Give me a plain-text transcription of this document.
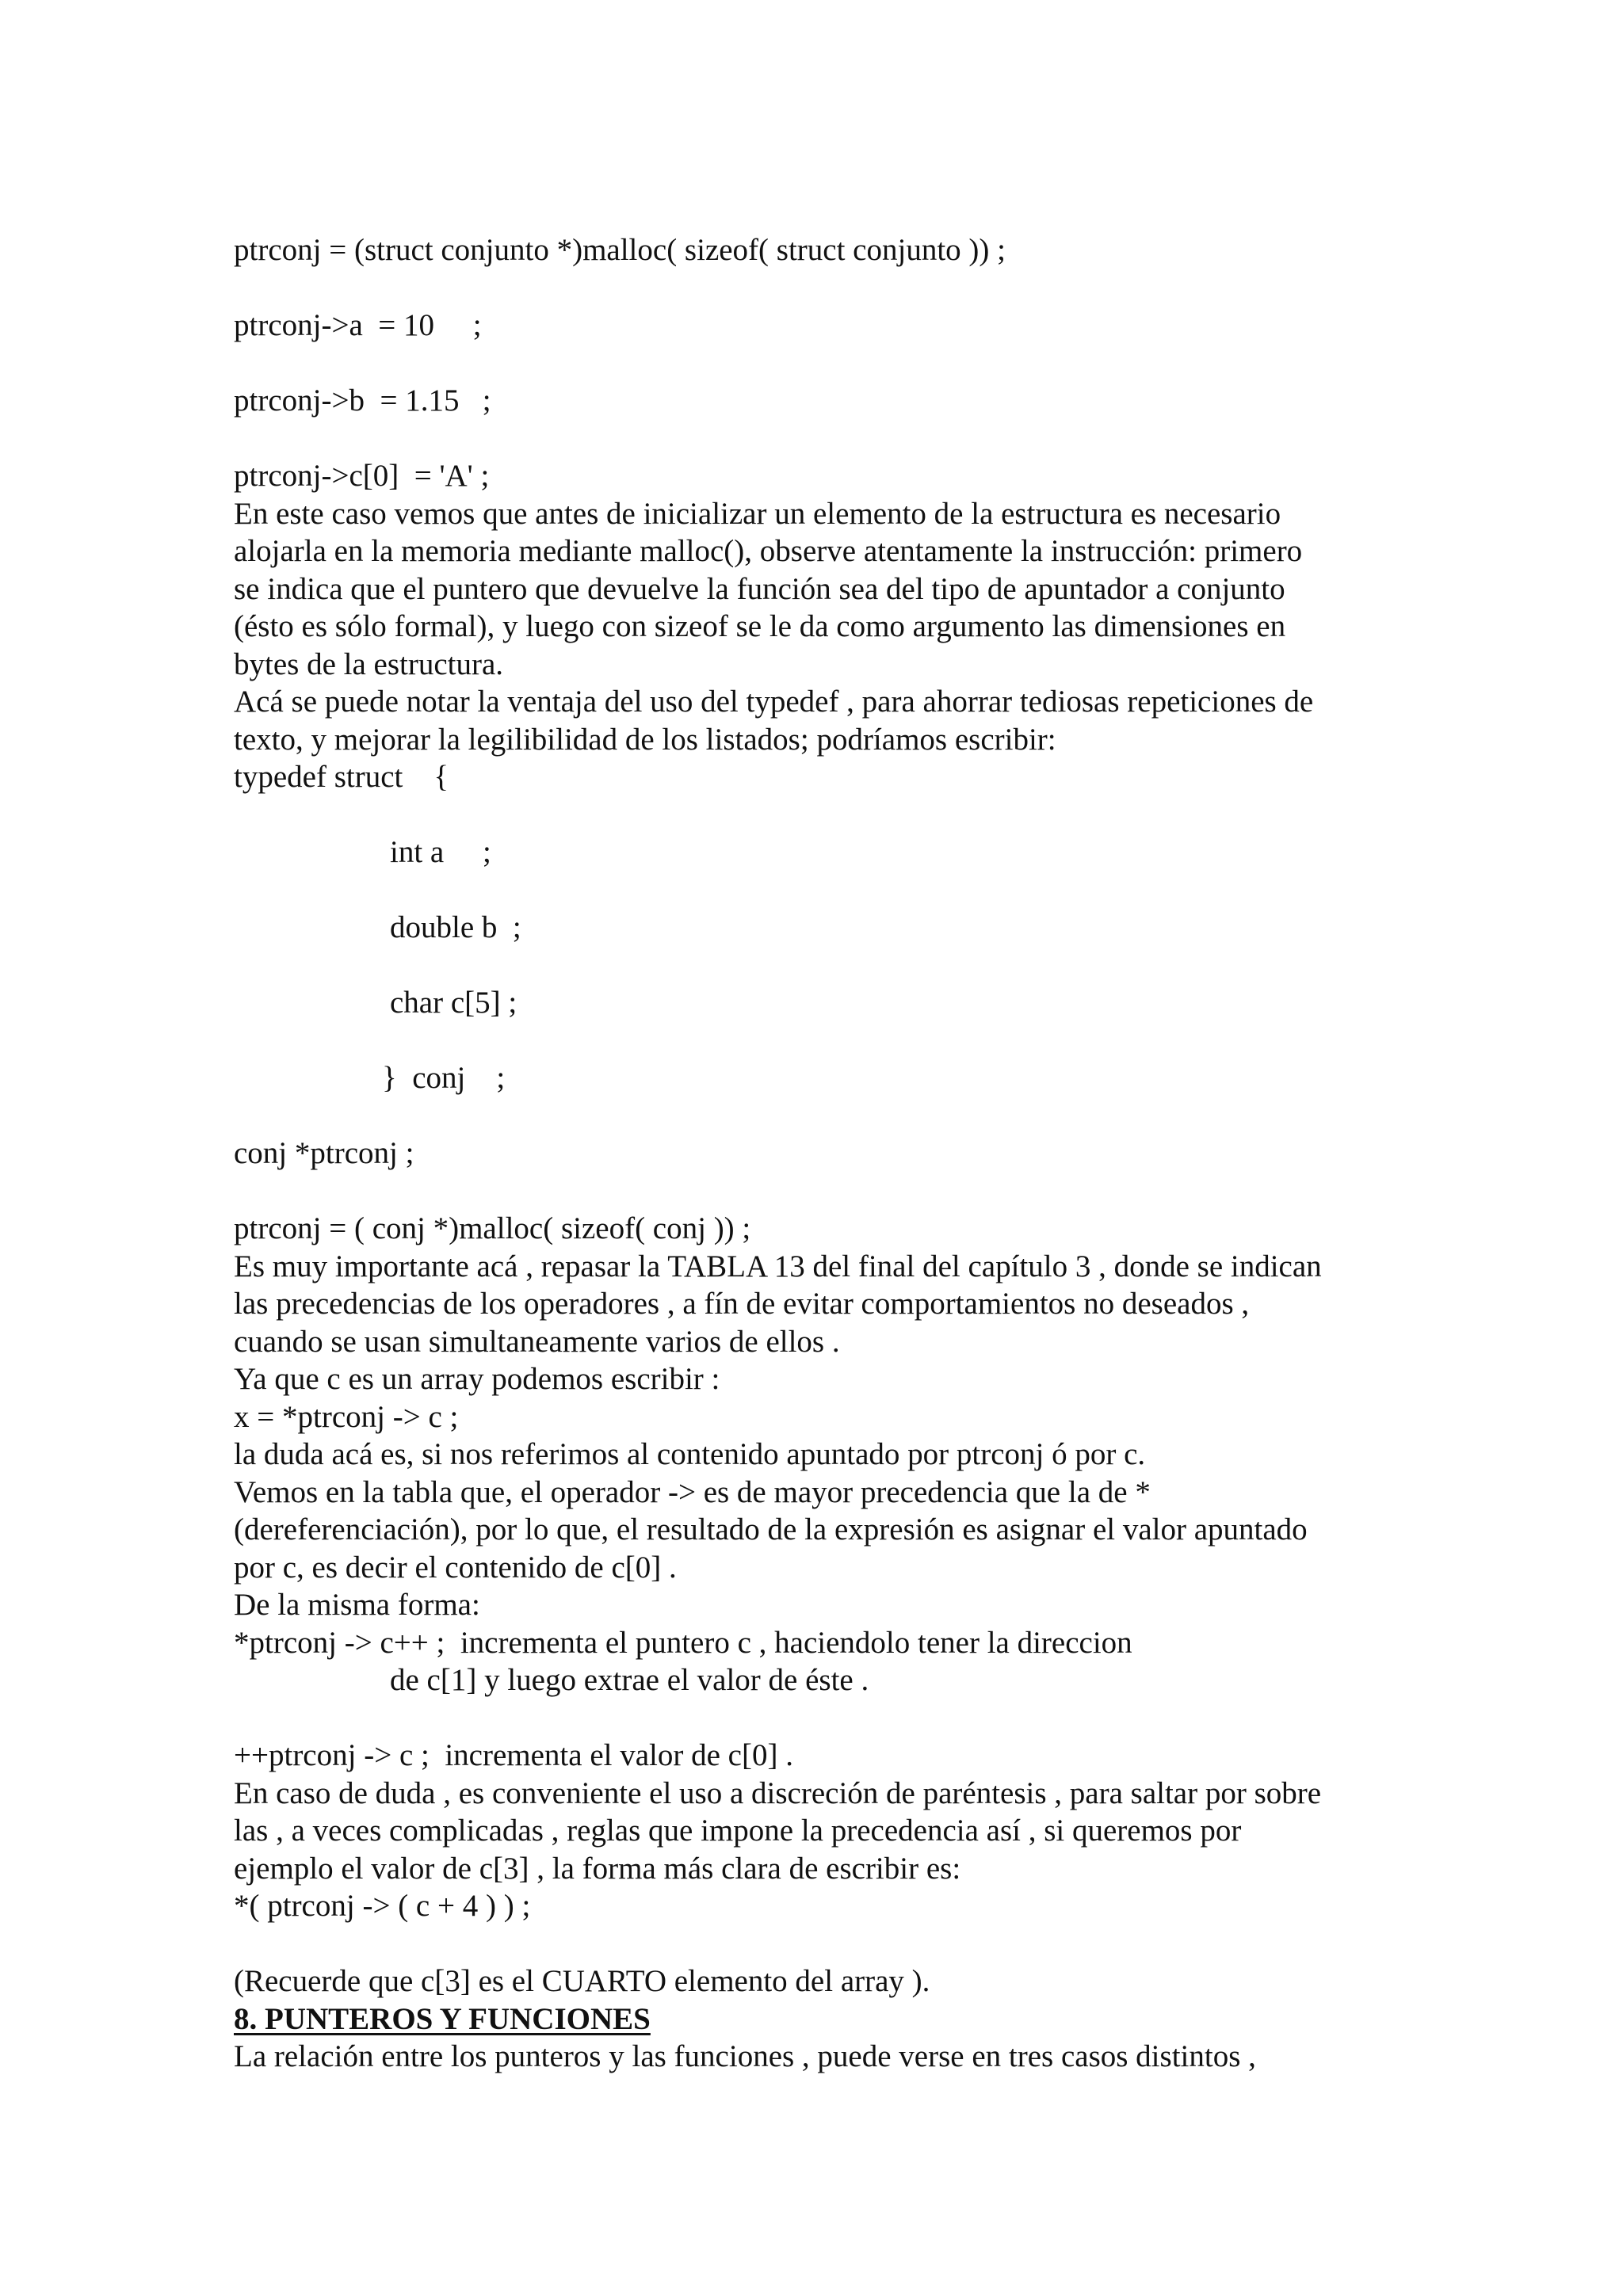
ptrconj = (struct conjunto *)malloc( sizeof( struct conjunto )) ;
ptrconj->a  = 10     ;
ptrconj->b  = 1.15   ;
ptrconj->c[0]  = 'A' ;
En este caso vemos que antes de inicializar un elemento de la estructura es necesario
alojarla en la memoria mediante malloc(), observe atentamente la instrucción: primero
se indica que el puntero que devuelve la función sea del tipo de apuntador a conjunto
(ésto es sólo formal), y luego con sizeof se le da como argumento las dimensiones en
bytes de la estructura.
Acá se puede notar la ventaja del uso del typedef , para ahorrar tediosas repeticiones de
texto, y mejorar la legilibilidad de los listados; podríamos escribir:
typedef struct    {
int a     ;
double b  ;
char c[5] ;
}  conj    ;
conj *ptrconj ;
ptrconj = ( conj *)malloc( sizeof( conj )) ;
Es muy importante acá , repasar la TABLA 13 del final del capítulo 3 , donde se indican
las precedencias de los operadores , a fín de evitar comportamientos no deseados ,
cuando se usan simultaneamente varios de ellos .
Ya que c es un array podemos escribir :
x = *ptrconj -> c ;
la duda acá es, si nos referimos al contenido apuntado por ptrconj ó por c.
Vemos en la tabla que, el operador -> es de mayor precedencia que la de *
(dereferenciación), por lo que, el resultado de la expresión es asignar el valor apuntado
por c, es decir el contenido de c[0] .
De la misma forma:
*ptrconj -> c++ ;  incrementa el puntero c , haciendolo tener la direccion
de c[1] y luego extrae el valor de éste .
++ptrconj -> c ;  incrementa el valor de c[0] .
En caso de duda , es conveniente el uso a discreción de paréntesis , para saltar por sobre
las , a veces complicadas , reglas que impone la precedencia así , si queremos por
ejemplo el valor de c[3] , la forma más clara de escribir es:
*( ptrconj -> ( c + 4 ) ) ;
(Recuerde que c[3] es el CUARTO elemento del array ).
8. PUNTEROS Y FUNCIONES
La relación entre los punteros y las funciones , puede verse en tres casos distintos ,
